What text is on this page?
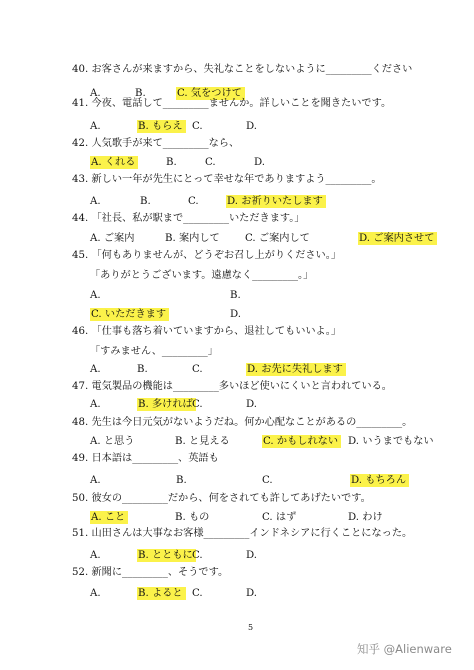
40. お客さんが来ますから、失礼なことをしないように_________ください
A.	B.	C. 気をつけて
41. 今夜、電話して_________ませんか。詳しいことを聞きたいです。
A.	B. もらえ C.	D.
42. 人気歌手が来て_________なら、
A. くれる	B.	C.	D.
43. 新しい一年が先生にとって幸せな年でありますよう_________。
A.	B.	C.	D. お祈りいたします
44. 「社長、私が駅まで_________いただきます。」
A. ご案内	B. 案内して C. ご案内して	D. ご案内させて
45. 「何もありませんが、どうぞお召し上がりください。」
「ありがとうございます。遠慮なく_________。」
A.	B.
C. いただきます	D.
46. 「仕事も落ち着いていますから、退社してもいいよ。」
「すみません、_________」
A.	B.	C.	D. お先に失礼します
47. 電気製品の機能は_________多いほど使いにくいと言われている。
A.	B. 多ければ C.	D.
48. 先生は今日元気がないようだね。何か心配なことがあるの_________。
A. と思う	B. と見える	C. かもしれない D. いうまでもない
49. 日本語は_________、英語も
A.	B.	C.	D. もちろん
50. 彼女の_________だから、何をされても許してあげたいです。
A. こと	B. もの	C. はず	D. わけ
51. 山田さんは大事なお客様_________インドネシアに行くことになった。
A.	B. とともに C.	D.
52. 新聞に_________、そうです。
A.	B. よると C.	D.
5
知乎 @Alienware
